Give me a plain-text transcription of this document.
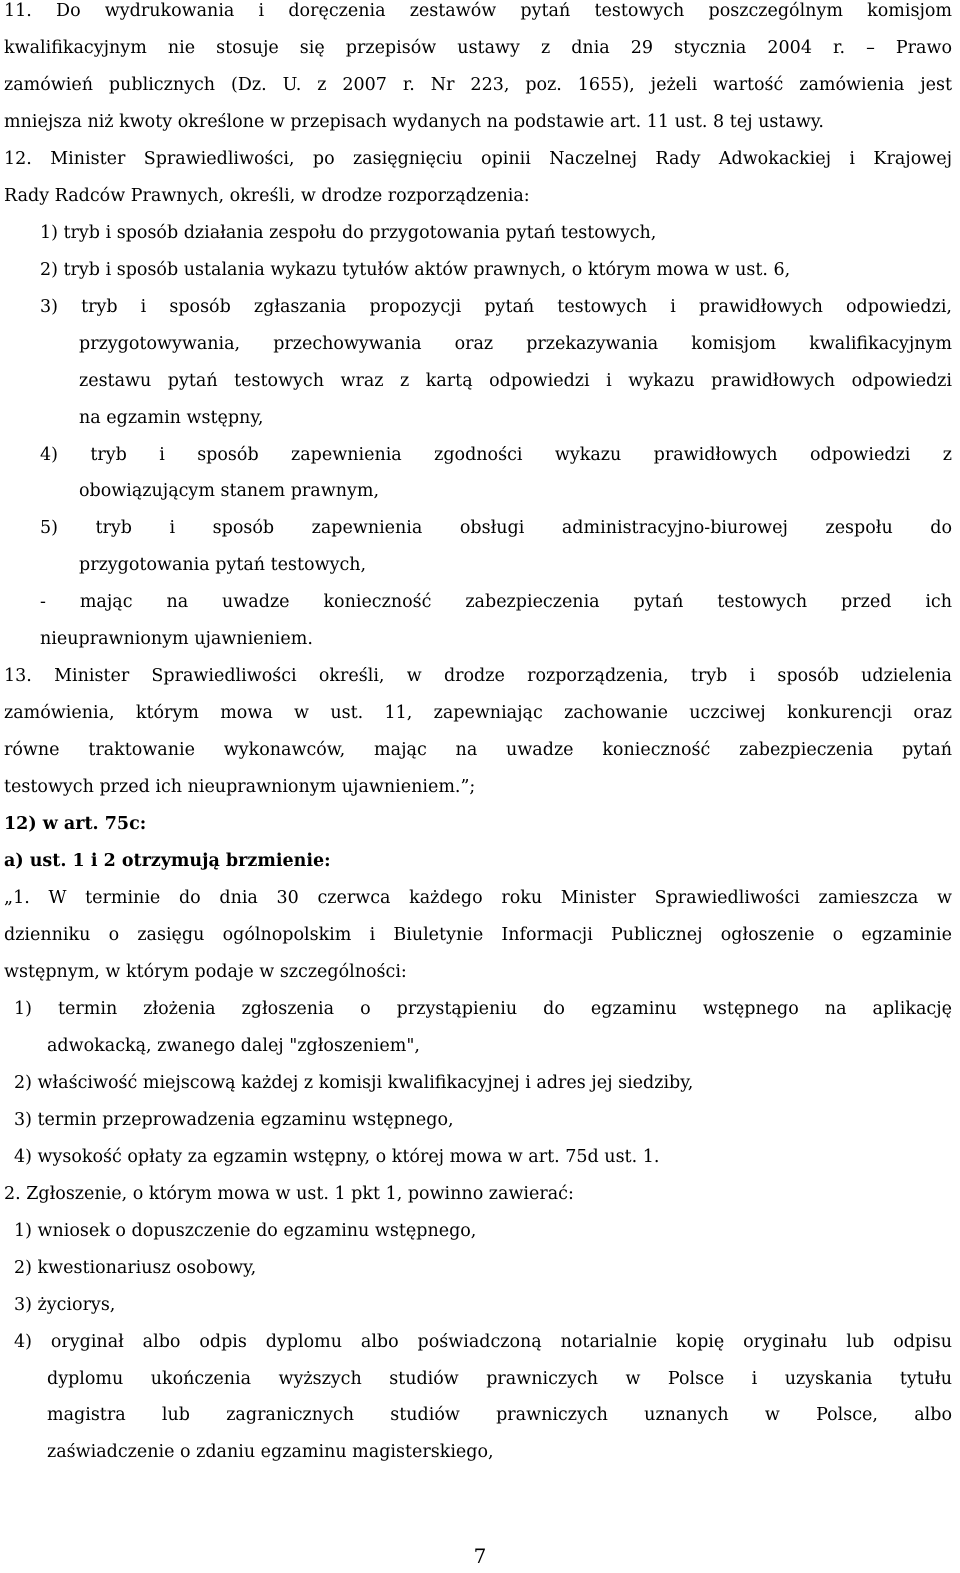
11. Do wydrukowania i doręczenia zestawów pytań testowych poszczególnym komisjom
kwalifikacyjnym nie stosuje się przepisów ustawy z dnia 29 stycznia 2004 r. – Prawo
zamówień publicznych (Dz. U. z 2007 r. Nr 223, poz. 1655), jeżeli wartość zamówienia jest
mniejsza niż kwoty określone w przepisach wydanych na podstawie art. 11 ust. 8 tej ustawy.
12. Minister Sprawiedliwości, po zasięgnięciu opinii Naczelnej Rady Adwokackiej i Krajowej
Rady Radców Prawnych, określi, w drodze rozporządzenia:
1) tryb i sposób działania zespołu do przygotowania pytań testowych,
2) tryb i sposób ustalania wykazu tytułów aktów prawnych, o którym mowa w ust. 6,
3) tryb i sposób zgłaszania propozycji pytań testowych i prawidłowych odpowiedzi,
przygotowywania, przechowywania oraz przekazywania komisjom kwalifikacyjnym
zestawu pytań testowych wraz z kartą odpowiedzi i wykazu prawidłowych odpowiedzi
na egzamin wstępny,
4) tryb i sposób zapewnienia zgodności wykazu prawidłowych odpowiedzi z
obowiązującym stanem prawnym,
5) tryb i sposób zapewnienia obsługi administracyjno-biurowej zespołu do
przygotowania pytań testowych,
- mając na uwadze konieczność zabezpieczenia pytań testowych przed ich
nieuprawnionym ujawnieniem.
13. Minister Sprawiedliwości określi, w drodze rozporządzenia, tryb i sposób udzielenia
zamówienia, którym mowa w ust. 11, zapewniając zachowanie uczciwej konkurencji oraz
równe traktowanie wykonawców, mając na uwadze konieczność zabezpieczenia pytań
testowych przed ich nieuprawnionym ujawnieniem.”;
12) w art. 75c:
a) ust. 1 i 2 otrzymują brzmienie:
„1. W terminie do dnia 30 czerwca każdego roku Minister Sprawiedliwości zamieszcza w
dzienniku o zasięgu ogólnopolskim i Biuletynie Informacji Publicznej ogłoszenie o egzaminie
wstępnym, w którym podaje w szczególności:
1) termin złożenia zgłoszenia o przystąpieniu do egzaminu wstępnego na aplikację
adwokacką, zwanego dalej "zgłoszeniem",
2) właściwość miejscową każdej z komisji kwalifikacyjnej i adres jej siedziby,
3) termin przeprowadzenia egzaminu wstępnego,
4) wysokość opłaty za egzamin wstępny, o której mowa w art. 75d ust. 1.
2. Zgłoszenie, o którym mowa w ust. 1 pkt 1, powinno zawierać:
1) wniosek o dopuszczenie do egzaminu wstępnego,
2) kwestionariusz osobowy,
3) życiorys,
4) oryginał albo odpis dyplomu albo poświadczoną notarialnie kopię oryginału lub odpisu
dyplomu ukończenia wyższych studiów prawniczych w Polsce i uzyskania tytułu
magistra lub zagranicznych studiów prawniczych uznanych w Polsce, albo
zaświadczenie o zdaniu egzaminu magisterskiego,
7
